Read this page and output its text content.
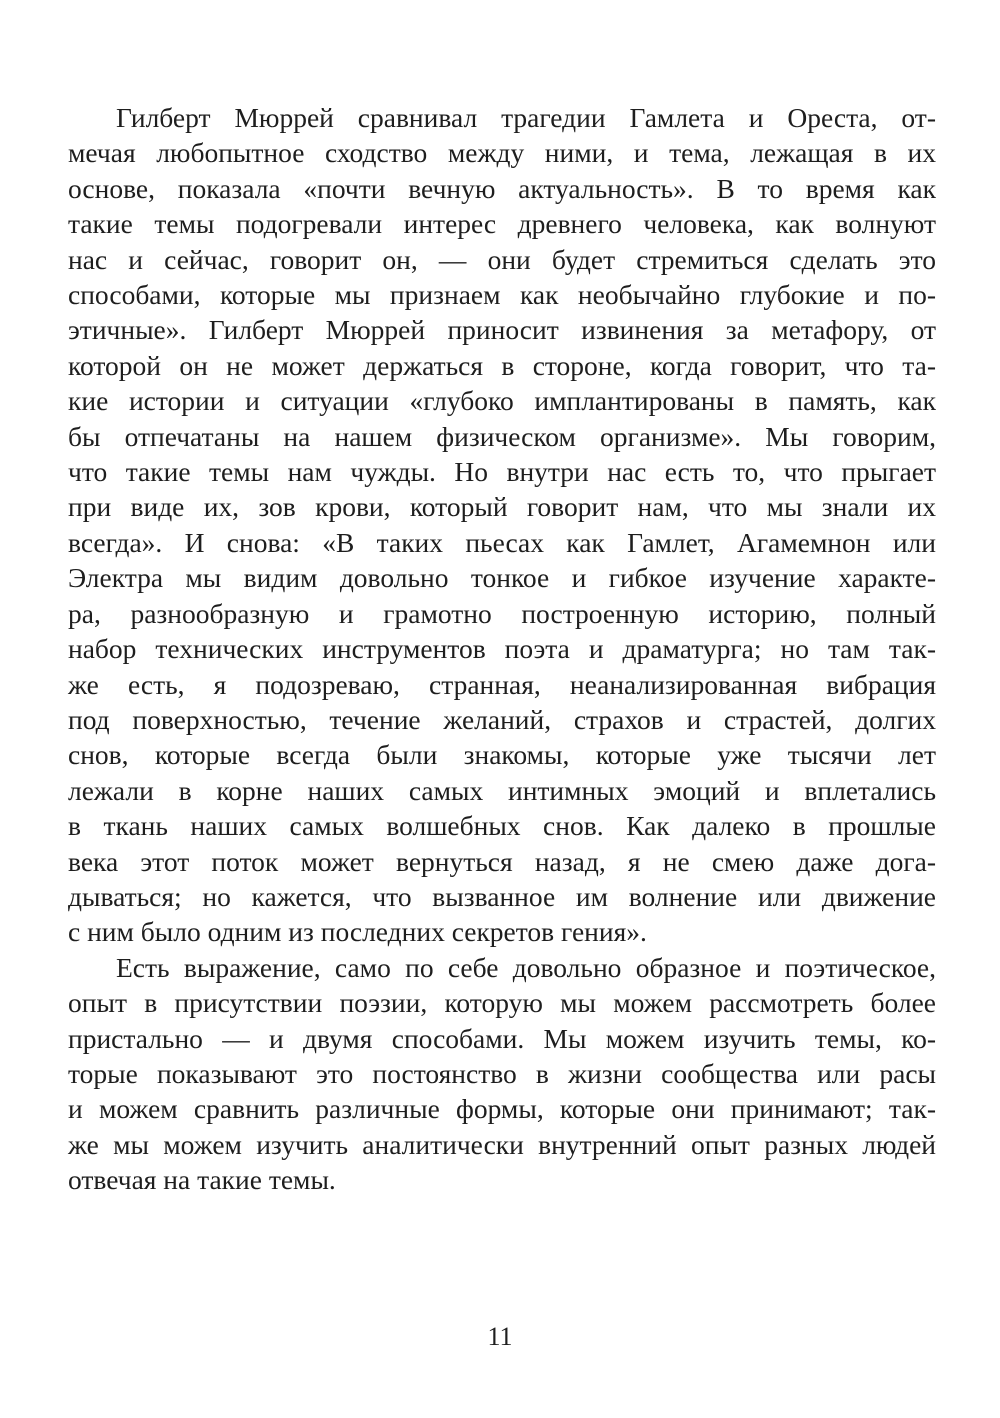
Гилберт Мюррей сравнивал трагедии Гамлета и Ореста, от-
мечая любопытное сходство между ними, и тема, лежащая в их
основе, показала «почти вечную актуальность». В то время как
такие темы подогревали интерес древнего человека, как волнуют
нас и сейчас, говорит он, — они будет стремиться сделать это
способами, которые мы признаем как необычайно глубокие и по-
этичные». Гилберт Мюррей приносит извинения за метафору, от
которой он не может держаться в стороне, когда говорит, что та-
кие истории и ситуации «глубоко имплантированы в память, как
бы отпечатаны на нашем физическом организме». Мы говорим,
что такие темы нам чужды. Но внутри нас есть то, что прыгает
при виде их, зов крови, который говорит нам, что мы знали их
всегда». И снова: «В таких пьесах как Гамлет, Агамемнон или
Электра мы видим довольно тонкое и гибкое изучение характе-
ра, разнообразную и грамотно построенную историю, полный
набор технических инструментов поэта и драматурга; но там так-
же есть, я подозреваю, странная, неанализированная вибрация
под поверхностью, течение желаний, страхов и страстей, долгих
снов, которые всегда были знакомы, которые уже тысячи лет
лежали в корне наших самых интимных эмоций и вплетались
в ткань наших самых волшебных снов. Как далеко в прошлые
века этот поток может вернуться назад, я не смею даже дога-
дываться; но кажется, что вызванное им волнение или движение
с ним было одним из последних секретов гения».

Есть выражение, само по себе довольно образное и поэтическое,
опыт в присутствии поэзии, которую мы можем рассмотреть более
пристально — и двумя способами. Мы можем изучить темы, ко-
торые показывают это постоянство в жизни сообщества или расы
и можем сравнить различные формы, которые они принимают; так-
же мы можем изучить аналитически внутренний опыт разных людей
отвечая на такие темы.

11
